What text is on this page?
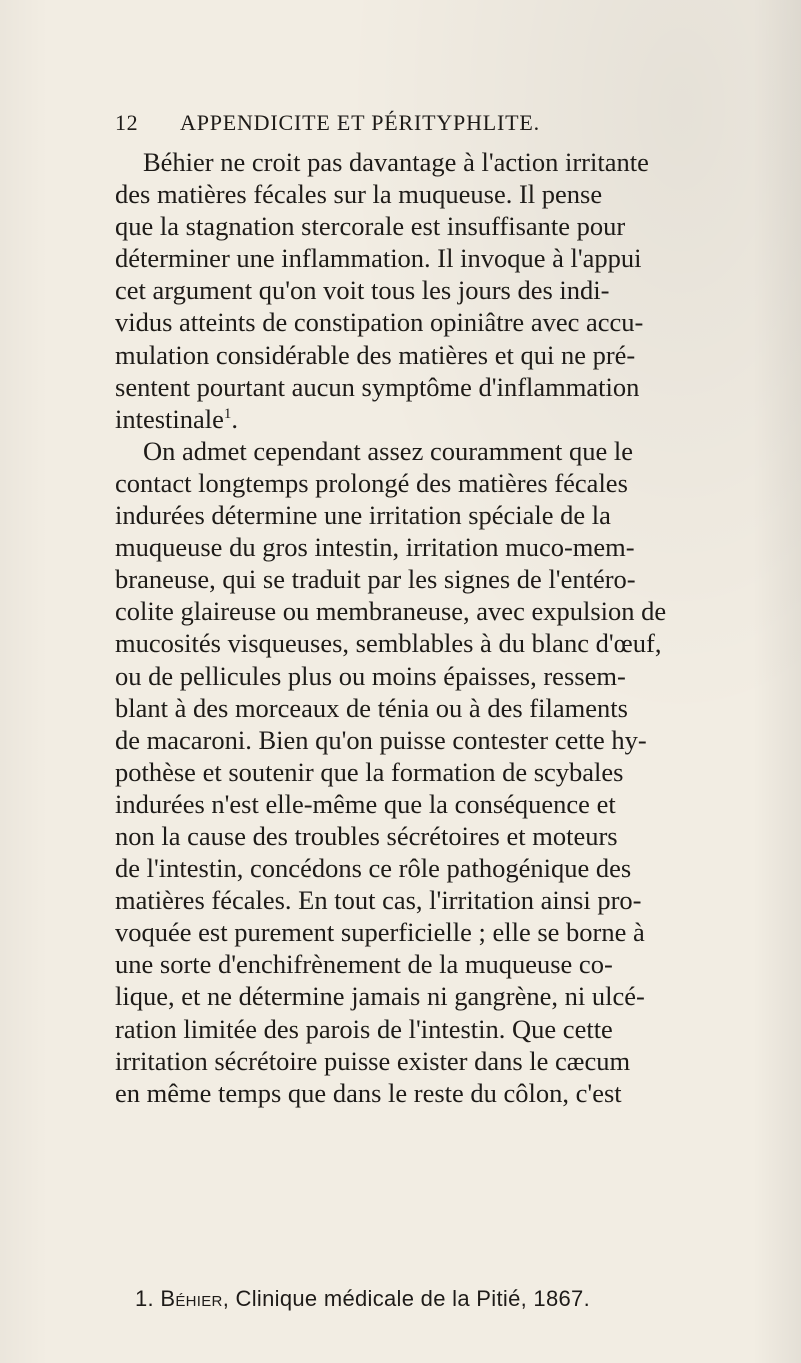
12 APPENDICITE ET PÉRITYPHLITE.
Béhier ne croit pas davantage à l'action irritante
des matières fécales sur la muqueuse. Il pense
que la stagnation stercorale est insuffisante pour
déterminer une inflammation. Il invoque à l'appui
cet argument qu'on voit tous les jours des indi-
vidus atteints de constipation opiniâtre avec accu-
mulation considérable des matières et qui ne pré-
sentent pourtant aucun symptôme d'inflammation
intestinale$^1$.
On admet cependant assez couramment que le
contact longtemps prolongé des matières fécales
indurées détermine une irritation spéciale de la
muqueuse du gros intestin, irritation muco-mem-
braneuse, qui se traduit par les signes de l'entéro-
colite glaireuse ou membraneuse, avec expulsion de
mucosités visqueuses, semblables à du blanc d'œuf,
ou de pellicules plus ou moins épaisses, ressem-
blant à des morceaux de ténia ou à des filaments
de macaroni. Bien qu'on puisse contester cette hy-
pothèse et soutenir que la formation de scybales
indurées n'est elle-même que la conséquence et
non la cause des troubles sécrétoires et moteurs
de l'intestin, concédons ce rôle pathogénique des
matières fécales. En tout cas, l'irritation ainsi pro-
voquée est purement superficielle ; elle se borne à
une sorte d'enchifrènement de la muqueuse co-
lique, et ne détermine jamais ni gangrène, ni ulcé-
ration limitée des parois de l'intestin. Que cette
irritation sécrétoire puisse exister dans le cæcum
en même temps que dans le reste du côlon, c'est
1. Béhier, Clinique médicale de la Pitié, 1867.
